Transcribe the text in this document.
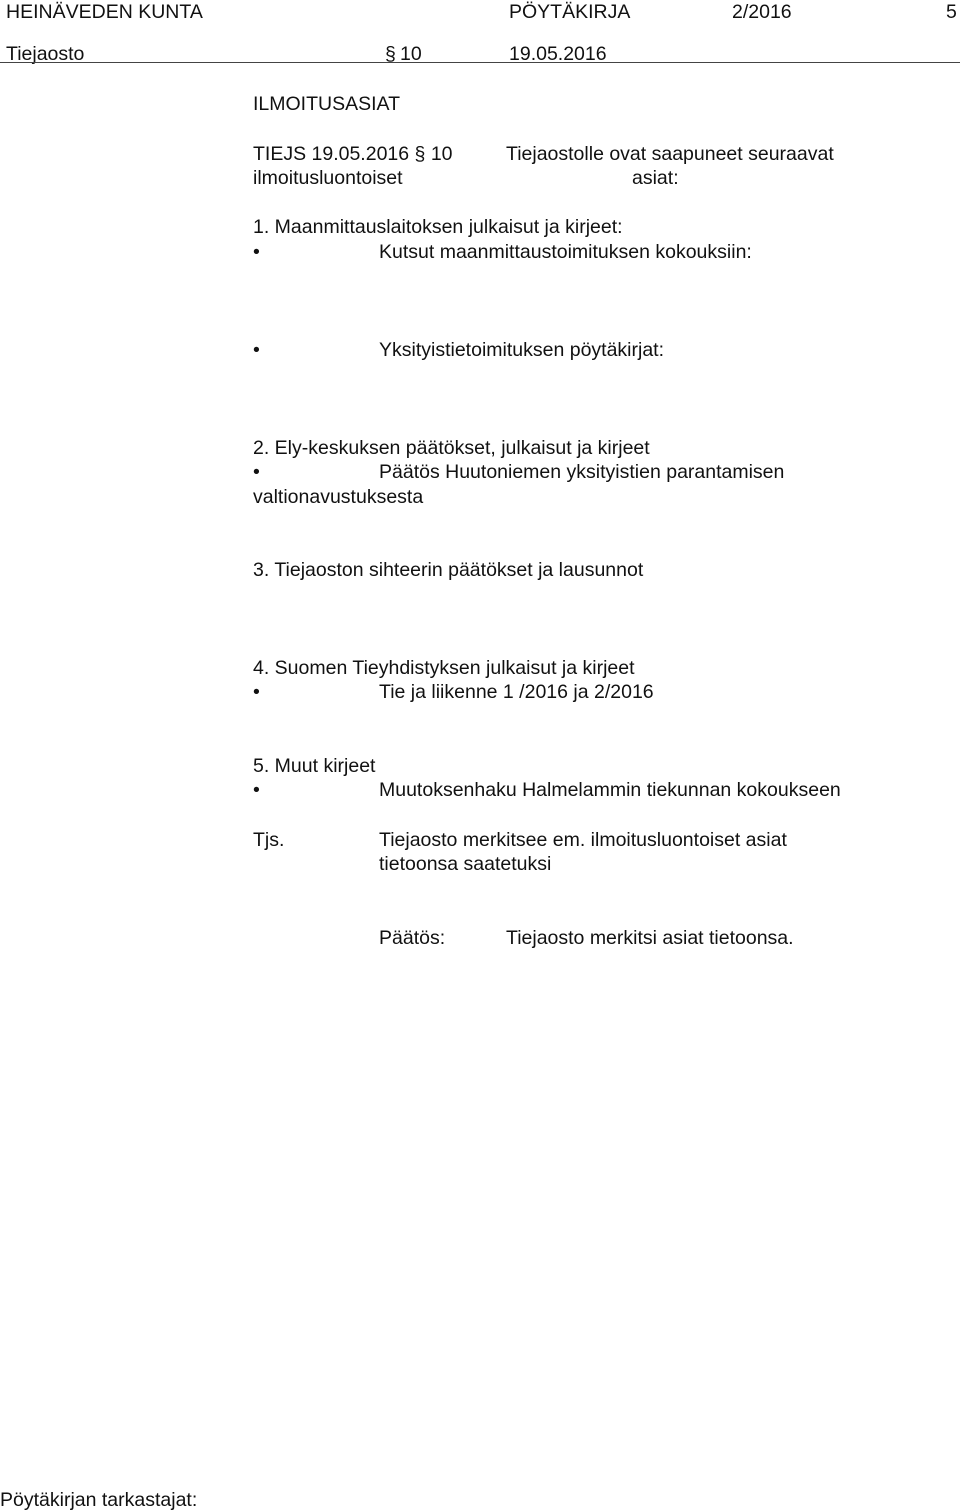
HEINÄVEDEN KUNTA	PÖYTÄKIRJA	2/2016	5
Tiejaosto	§ 10	19.05.2016
ILMOITUSASIAT
TIEJS 19.05.2016 § 10
ilmoitusluontoiset
Tiejaostolle ovat saapuneet seuraavat
asiat:
1. Maanmittauslaitoksen julkaisut ja kirjeet:
•	Kutsut maanmittaustoimituksen kokouksiin:
•	Yksityistietoimituksen pöytäkirjat:
2. Ely-keskuksen päätökset, julkaisut ja kirjeet
•	Päätös Huutoniemen yksityistien parantamisen
valtionavustuksesta
3. Tiejaoston sihteerin päätökset ja lausunnot
4. Suomen Tieyhdistyksen julkaisut ja kirjeet
•	Tie ja liikenne 1 /2016 ja 2/2016
5. Muut kirjeet
•	Muutoksenhaku Halmelammin tiekunnan kokoukseen
Tjs.	Tiejaosto merkitsee em. ilmoitusluontoiset asiat
tietoonsa saatetuksi
Päätös:	Tiejaosto merkitsi asiat tietoonsa.
Pöytäkirjan tarkastajat:
